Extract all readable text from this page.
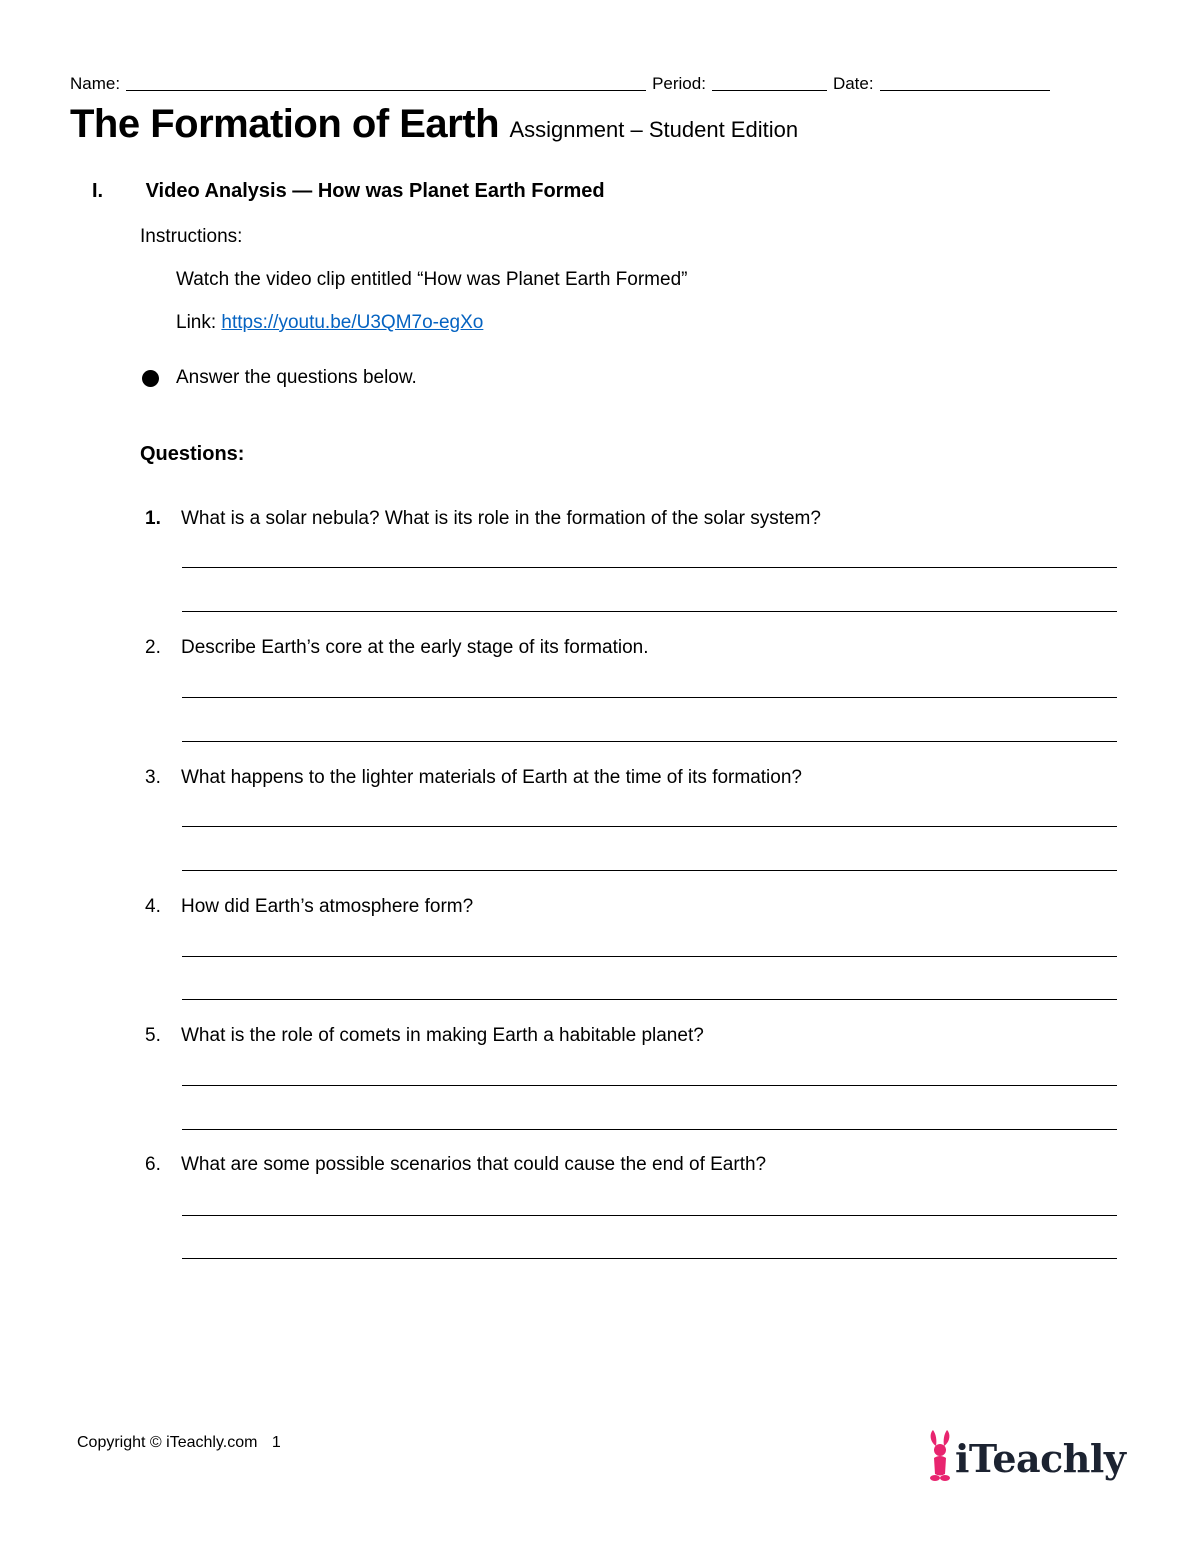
Name:	Period:	Date:
The Formation of Earth Assignment – Student Edition
I. Video Analysis — How was Planet Earth Formed
Instructions:
Watch the video clip entitled “How was Planet Earth Formed”
Link: https://youtu.be/U3QM7o-egXo
Answer the questions below.
Questions:
1. What is a solar nebula? What is its role in the formation of the solar system?
2. Describe Earth’s core at the early stage of its formation.
3. What happens to the lighter materials of Earth at the time of its formation?
4. How did Earth’s atmosphere form?
5. What is the role of comets in making Earth a habitable planet?
6. What are some possible scenarios that could cause the end of Earth?
Copyright © iTeachly.com 1	iTeachly
